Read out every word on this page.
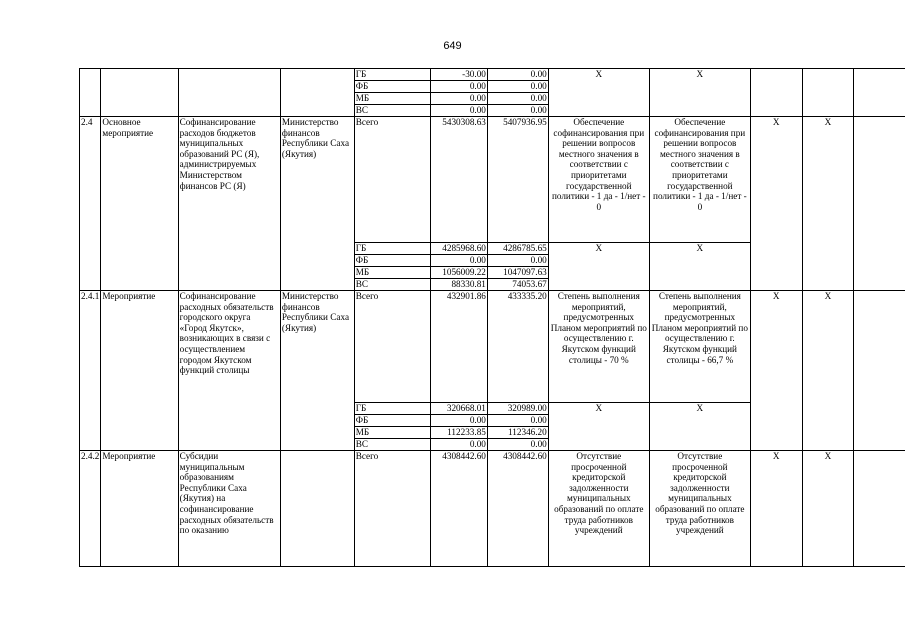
649
				ГБ	-30.00	0.00	X	X			
				ФБ	0.00	0.00					
				МБ	0.00	0.00					
				ВС	0.00	0.00					
2.4	Основное мероприятие	Софинансирование расходов бюджетов муниципальных образований РС (Я), администрируемых Министерством финансов РС (Я)	Министерство финансов Республики Саха (Якутия)	Всего	5430308.63	5407936.95	Обеспечение софинансирования при решении вопросов местного значения в соответствии с приоритетами государственной политики - 1 да - 1/нет - 0	Обеспечение софинансирования при решении вопросов местного значения в соответствии с приоритетами государственной политики - 1 да - 1/нет - 0	X	X	
				ГБ	4285968.60	4286785.65	X	X			
				ФБ	0.00	0.00					
				МБ	1056009.22	1047097.63					
				ВС	88330.81	74053.67					
2.4.1	Мероприятие	Софинансирование расходных обязательств городского округа «Город Якутск», возникающих в связи с осуществлением городом Якутском функций столицы	Министерство финансов Республики Саха (Якутия)	Всего	432901.86	433335.20	Степень выполнения мероприятий, предусмотренных Планом мероприятий по осуществлению г. Якутском функций столицы - 70 %	Степень выполнения мероприятий, предусмотренных Планом мероприятий по осуществлению г. Якутском функций столицы - 66,7 %	X	X	
				ГБ	320668.01	320989.00	X	X			
				ФБ	0.00	0.00					
				МБ	112233.85	112346.20					
				ВС	0.00	0.00					
2.4.2	Мероприятие	Субсидии муниципальным образованиям Республики Саха (Якутия) на софинансирование расходных обязательств по оказанию		Всего	4308442.60	4308442.60	Отсутствие просроченной кредиторской задолженности муниципальных образований по оплате труда работников учреждений	Отсутствие просроченной кредиторской задолженности муниципальных образований по оплате труда работников учреждений	X	X	
